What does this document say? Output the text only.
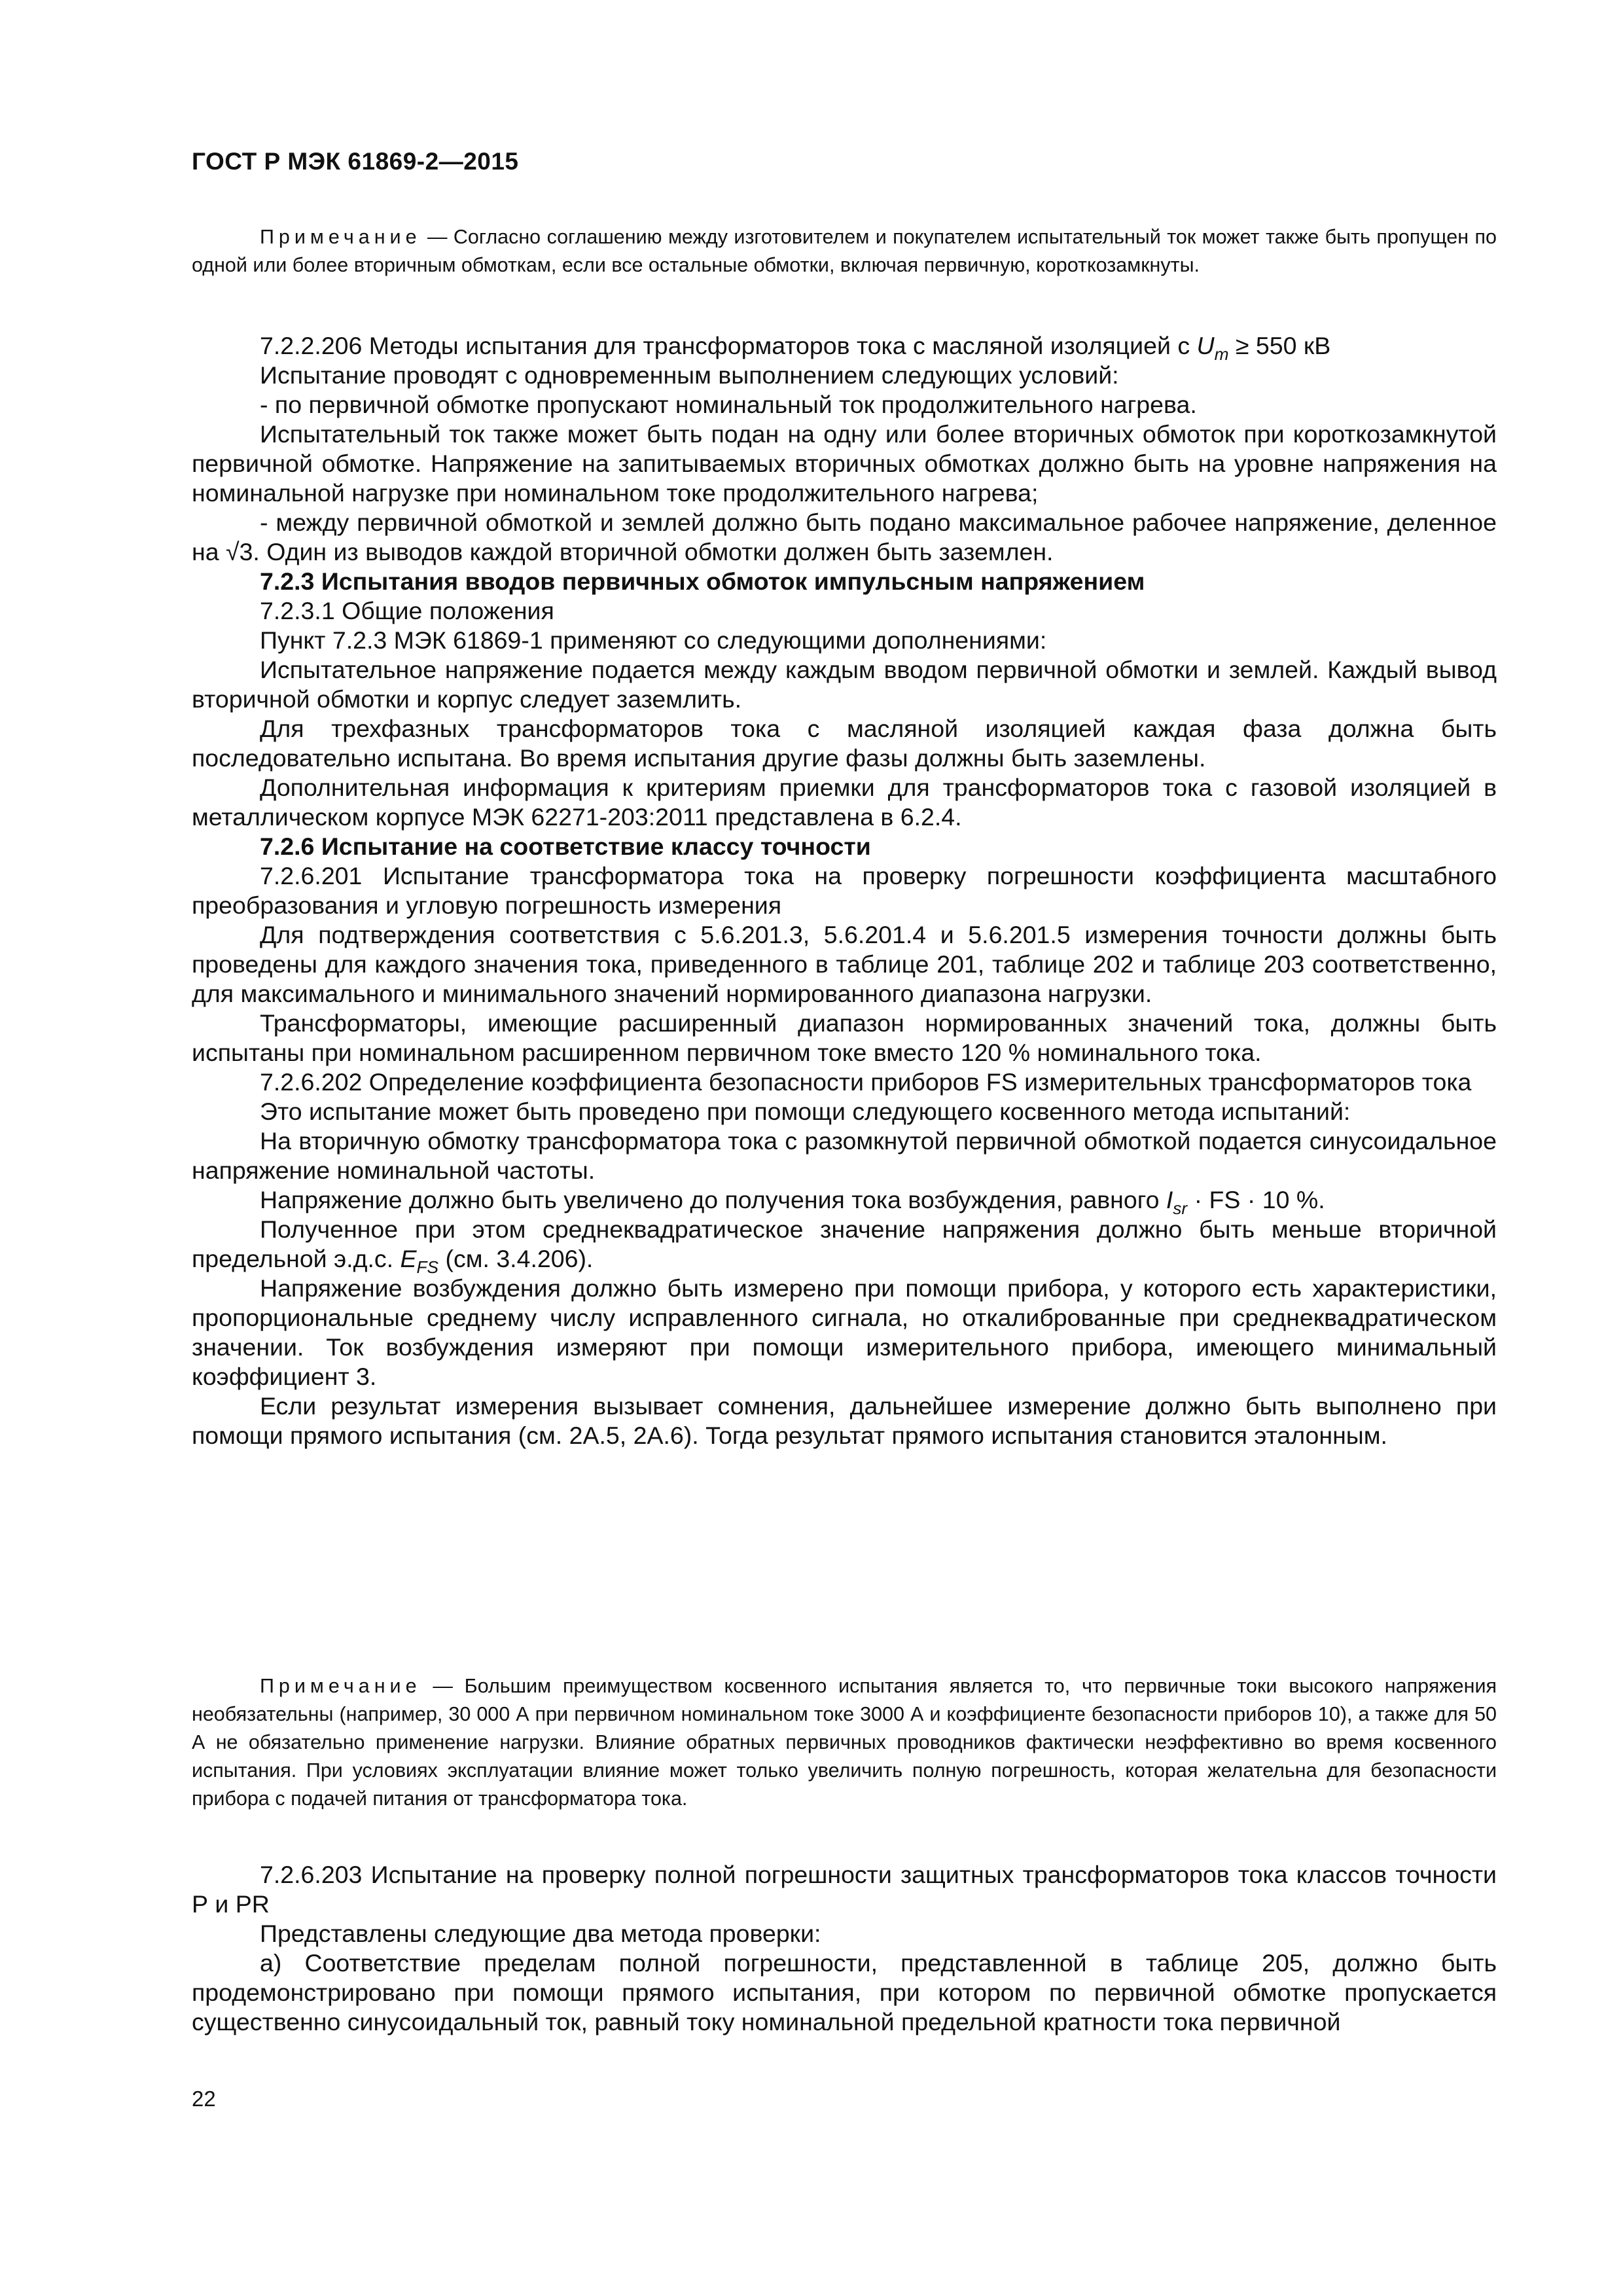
ГОСТ Р МЭК 61869-2—2015

Примечание — Согласно соглашению между изготовителем и покупателем испытательный ток может также быть пропущен по одной или более вторичным обмоткам, если все остальные обмотки, включая первичную, короткозамкнуты.

7.2.2.206 Методы испытания для трансформаторов тока с масляной изоляцией с $U_m \ge 550$ кВ

Испытание проводят с одновременным выполнением следующих условий:

- по первичной обмотке пропускают номинальный ток продолжительного нагрева.

Испытательный ток также может быть подан на одну или более вторичных обмоток при короткозамкнутой первичной обмотке. Напряжение на запитываемых вторичных обмотках должно быть на уровне напряжения на номинальной нагрузке при номинальном токе продолжительного нагрева;

- между первичной обмоткой и землей должно быть подано максимальное рабочее напряжение, деленное на √3. Один из выводов каждой вторичной обмотки должен быть заземлен.

7.2.3 Испытания вводов первичных обмоток импульсным напряжением

7.2.3.1 Общие положения

Пункт 7.2.3 МЭК 61869-1 применяют со следующими дополнениями:

Испытательное напряжение подается между каждым вводом первичной обмотки и землей. Каждый вывод вторичной обмотки и корпус следует заземлить.

Для трехфазных трансформаторов тока с масляной изоляцией каждая фаза должна быть последовательно испытана. Во время испытания другие фазы должны быть заземлены.

Дополнительная информация к критериям приемки для трансформаторов тока с газовой изоляцией в металлическом корпусе МЭК 62271-203:2011 представлена в 6.2.4.

7.2.6 Испытание на соответствие классу точности

7.2.6.201 Испытание трансформатора тока на проверку погрешности коэффициента масштабного преобразования и угловую погрешность измерения

Для подтверждения соответствия с 5.6.201.3, 5.6.201.4 и 5.6.201.5 измерения точности должны быть проведены для каждого значения тока, приведенного в таблице 201, таблице 202 и таблице 203 соответственно, для максимального и минимального значений нормированного диапазона нагрузки.

Трансформаторы, имеющие расширенный диапазон нормированных значений тока, должны быть испытаны при номинальном расширенном первичном токе вместо 120 % номинального тока.

7.2.6.202 Определение коэффициента безопасности приборов FS измерительных трансформаторов тока

Это испытание может быть проведено при помощи следующего косвенного метода испытаний:

На вторичную обмотку трансформатора тока с разомкнутой первичной обмоткой подается синусоидальное напряжение номинальной частоты.

Напряжение должно быть увеличено до получения тока возбуждения, равного $I_{sr}$ · FS · 10 %.

Полученное при этом среднеквадратическое значение напряжения должно быть меньше вторичной предельной э.д.с. $E_{FS}$ (см. 3.4.206).

Напряжение возбуждения должно быть измерено при помощи прибора, у которого есть характеристики, пропорциональные среднему числу исправленного сигнала, но откалиброванные при среднеквадратическом значении. Ток возбуждения измеряют при помощи измерительного прибора, имеющего минимальный коэффициент 3.

Если результат измерения вызывает сомнения, дальнейшее измерение должно быть выполнено при помощи прямого испытания (см. 2А.5, 2А.6). Тогда результат прямого испытания становится эталонным.

Примечание — Большим преимуществом косвенного испытания является то, что первичные токи высокого напряжения необязательны (например, 30 000 А при первичном номинальном токе 3000 А и коэффициенте безопасности приборов 10), а также для 50 А не обязательно применение нагрузки. Влияние обратных первичных проводников фактически неэффективно во время косвенного испытания. При условиях эксплуатации влияние может только увеличить полную погрешность, которая желательна для безопасности прибора с подачей питания от трансформатора тока.

7.2.6.203 Испытание на проверку полной погрешности защитных трансформаторов тока классов точности Р и PR

Представлены следующие два метода проверки:

а) Соответствие пределам полной погрешности, представленной в таблице 205, должно быть продемонстрировано при помощи прямого испытания, при котором по первичной обмотке пропускается существенно синусоидальный ток, равный току номинальной предельной кратности тока первичной

22
